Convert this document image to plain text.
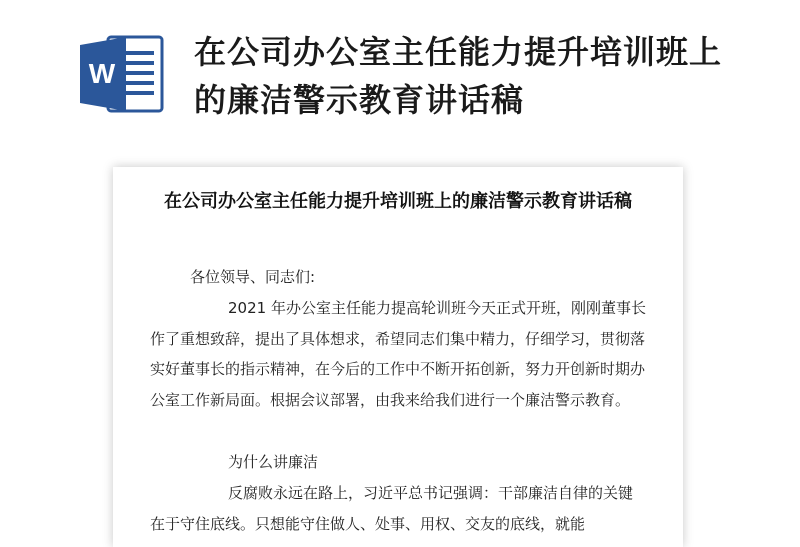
W
在公司办公室主任能力提升培训班上的廉洁警示教育讲话稿
在公司办公室主任能力提升培训班上的廉洁警示教育讲话稿
各位领导、同志们:
2021 年办公室主任能力提高轮训班今天正式开班，刚刚董事长作了重想致辞，提出了具体想求，希望同志们集中精力，仔细学习，贯彻落实好董事长的指示精神，在今后的工作中不断开拓创新，努力开创新时期办公室工作新局面。根据会议部署，由我来给我们进行一个廉洁警示教育。
为什么讲廉洁
反腐败永远在路上，习近平总书记强调：干部廉洁自律的关键在于守住底线。只想能守住做人、处事、用权、交友的底线，就能
